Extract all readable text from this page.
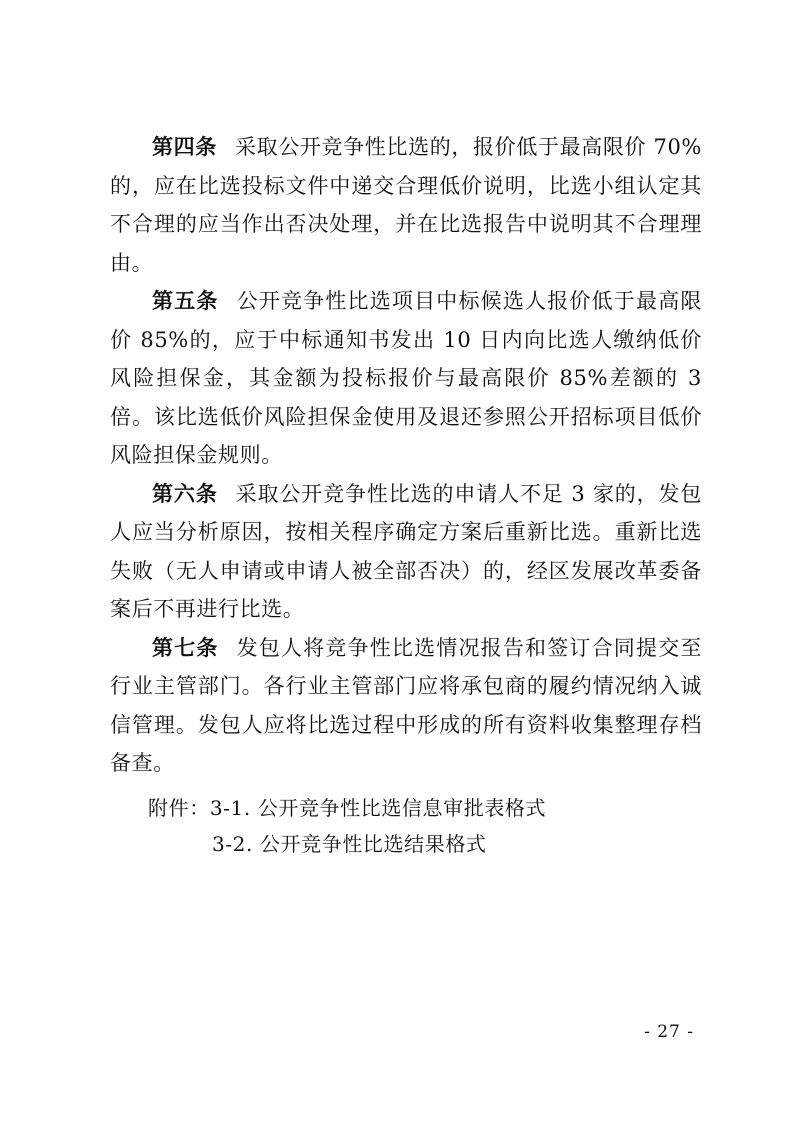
第四条 采取公开竞争性比选的，报价低于最高限价 70%的，应在比选投标文件中递交合理低价说明，比选小组认定其不合理的应当作出否决处理，并在比选报告中说明其不合理理由。

第五条 公开竞争性比选项目中标候选人报价低于最高限价 85%的，应于中标通知书发出 10 日内向比选人缴纳低价风险担保金，其金额为投标报价与最高限价 85%差额的 3 倍。该比选低价风险担保金使用及退还参照公开招标项目低价风险担保金规则。

第六条 采取公开竞争性比选的申请人不足 3 家的，发包人应当分析原因，按相关程序确定方案后重新比选。重新比选失败（无人申请或申请人被全部否决）的，经区发展改革委备案后不再进行比选。

第七条 发包人将竞争性比选情况报告和签订合同提交至行业主管部门。各行业主管部门应将承包商的履约情况纳入诚信管理。发包人应将比选过程中形成的所有资料收集整理存档备查。

附件：3-1. 公开竞争性比选信息审批表格式
3-2. 公开竞争性比选结果格式
- 27 -
